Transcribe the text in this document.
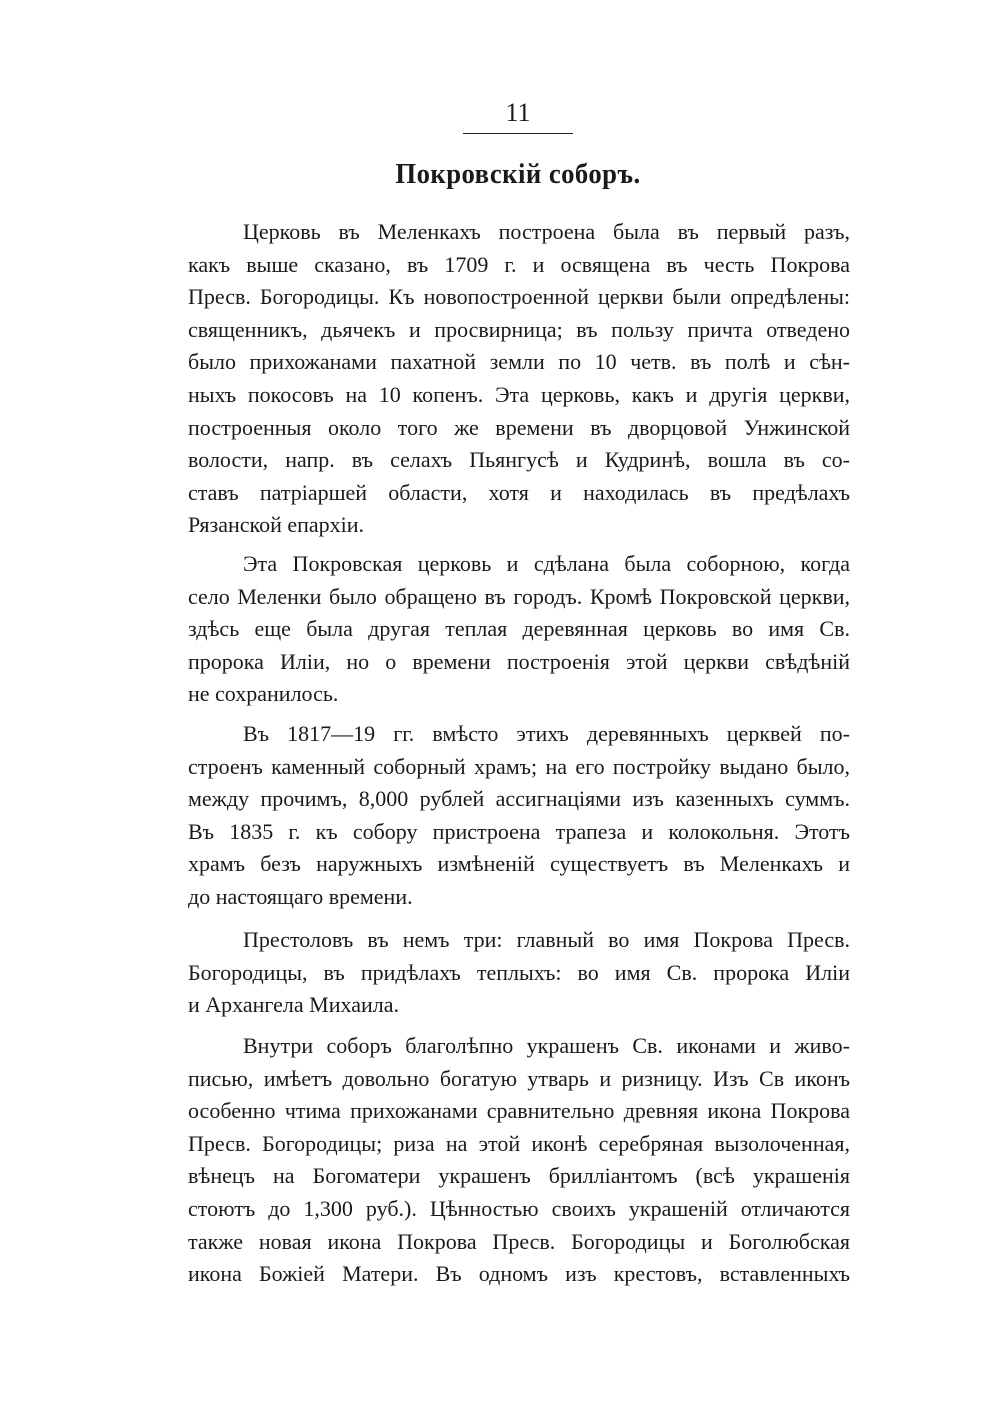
11
Покровскій соборъ.
Церковь въ Меленкахъ построена была въ первый разъ,
какъ выше сказано, въ 1709 г. и освящена въ честь Покрова
Пресв. Богородицы. Къ новопостроенной церкви были опредѣлены:
священникъ, дьячекъ и просвирница; въ пользу причта отведено
было прихожанами пахатной земли по 10 четв. въ полѣ и сѣн-
ныхъ покосовъ на 10 копенъ. Эта церковь, какъ и другія церкви,
построенныя около того же времени въ дворцовой Унжинской
волости, напр. въ селахъ Пьянгусѣ и Кудринѣ, вошла въ со-
ставъ патріаршей области, хотя и находилась въ предѣлахъ
Рязанской епархіи.
Эта Покровская церковь и сдѣлана была соборною, когда
село Меленки было обращено въ городъ. Кромѣ Покровской церкви,
здѣсь еще была другая теплая деревянная церковь во имя Св.
пророка Иліи, но о времени построенія этой церкви свѣдѣній
не сохранилось.
Въ 1817—19 гг. вмѣсто этихъ деревянныхъ церквей по-
строенъ каменный соборный храмъ; на его постройку выдано было,
между прочимъ, 8,000 рублей ассигнаціями изъ казенныхъ суммъ.
Въ 1835 г. къ собору пристроена трапеза и колокольня. Этотъ
храмъ безъ наружныхъ измѣненій существуетъ въ Меленкахъ и
до настоящаго времени.
Престоловъ въ немъ три: главный во имя Покрова Пресв.
Богородицы, въ придѣлахъ теплыхъ: во имя Св. пророка Иліи
и Архангела Михаила.
Внутри соборъ благолѣпно украшенъ Св. иконами и живо-
писью, имѣетъ довольно богатую утварь и ризницу. Изъ Св иконъ
особенно чтима прихожанами сравнительно древняя икона Покрова
Пресв. Богородицы; риза на этой иконѣ серебряная вызолоченная,
вѣнецъ на Богоматери украшенъ брилліантомъ (всѣ украшенія
стоютъ до 1,300 руб.). Цѣнностью своихъ украшеній отличаются
также новая икона Покрова Пресв. Богородицы и Боголюбская
икона Божіей Матери. Въ одномъ изъ крестовъ, вставленныхъ
